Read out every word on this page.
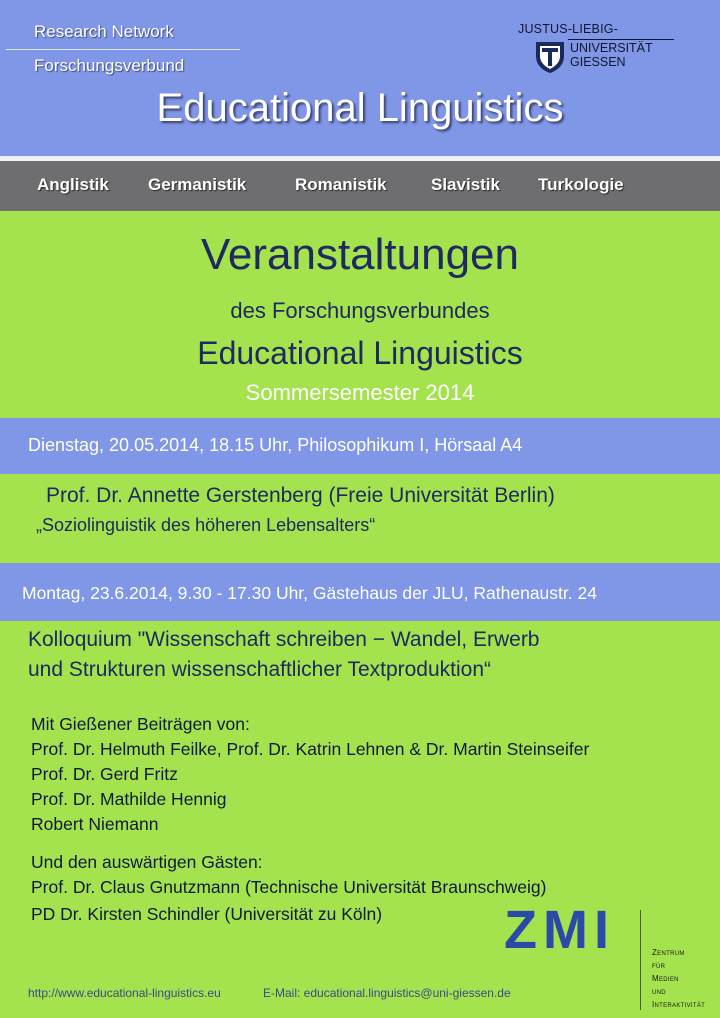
Research Network
Forschungsverbund
Educational Linguistics
JUSTUS-LIEBIG-
UNIVERSITÄT
GIESSEN
Anglistik Germanistik	Romanistik	Slavistik Turkologie
Veranstaltungen
des Forschungsverbundes
Educational Linguistics
Sommersemester 2014
Dienstag, 20.05.2014, 18.15 Uhr, Philosophikum I, Hörsaal A4
Prof. Dr. Annette Gerstenberg (Freie Universität Berlin)
„Soziolinguistik des höheren Lebensalters“
Montag, 23.6.2014, 9.30 - 17.30 Uhr, Gästehaus der JLU, Rathenaustr. 24
Kolloquium "Wissenschaft schreiben − Wandel, Erwerb
und Strukturen wissenschaftlicher Textproduktion“
Mit Gießener Beiträgen von:
Prof. Dr. Helmuth Feilke, Prof. Dr. Katrin Lehnen & Dr. Martin Steinseifer
Prof. Dr. Gerd Fritz
Prof. Dr. Mathilde Hennig
Robert Niemann
Und den auswärtigen Gästen:
Prof. Dr. Claus Gnutzmann (Technische Universität Braunschweig)
PD Dr. Kirsten Schindler (Universität zu Köln) ZMI	Zentrum
für
Medien
und
Interaktivität
http://www.educational-linguistics.eu	E-Mail: educational.linguistics@uni-giessen.de
